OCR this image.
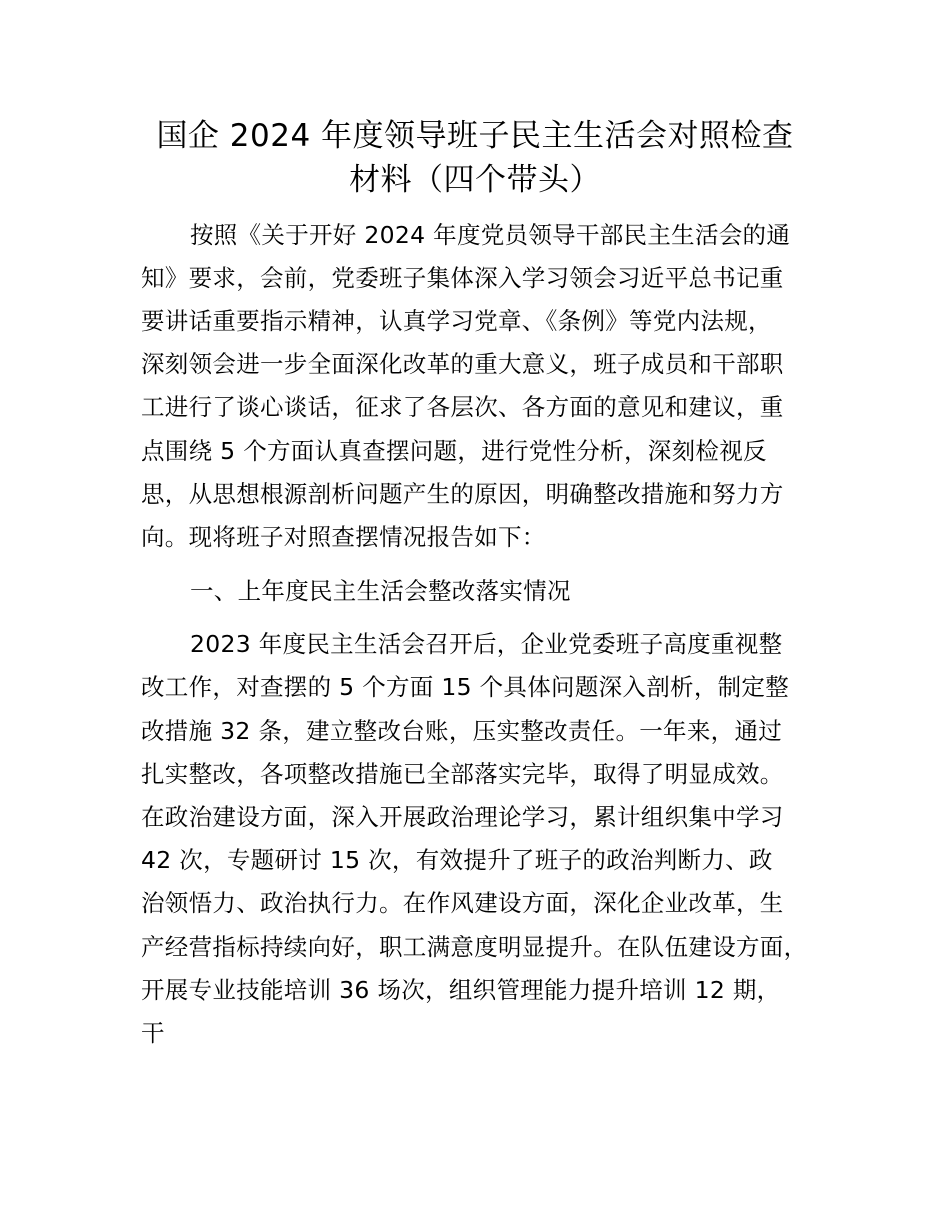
国企 2024 年度领导班子民主生活会对照检查
材料（四个带头）
按照《关于开好 2024 年度党员领导干部民主生活会的通
知》要求，会前，党委班子集体深入学习领会习近平总书记重
要讲话重要指示精神，认真学习党章、《条例》等党内法规，
深刻领会进一步全面深化改革的重大意义，班子成员和干部职
工进行了谈心谈话，征求了各层次、各方面的意见和建议，重
点围绕 5 个方面认真查摆问题，进行党性分析，深刻检视反
思，从思想根源剖析问题产生的原因，明确整改措施和努力方
向。现将班子对照查摆情况报告如下：
一、上年度民主生活会整改落实情况
2023 年度民主生活会召开后，企业党委班子高度重视整
改工作，对查摆的 5 个方面 15 个具体问题深入剖析，制定整
改措施 32 条，建立整改台账，压实整改责任。一年来，通过
扎实整改，各项整改措施已全部落实完毕，取得了明显成效。
在政治建设方面，深入开展政治理论学习，累计组织集中学习
42 次，专题研讨 15 次，有效提升了班子的政治判断力、政
治领悟力、政治执行力。在作风建设方面，深化企业改革，生
产经营指标持续向好，职工满意度明显提升。在队伍建设方面，
开展专业技能培训 36 场次，组织管理能力提升培训 12 期，
干
